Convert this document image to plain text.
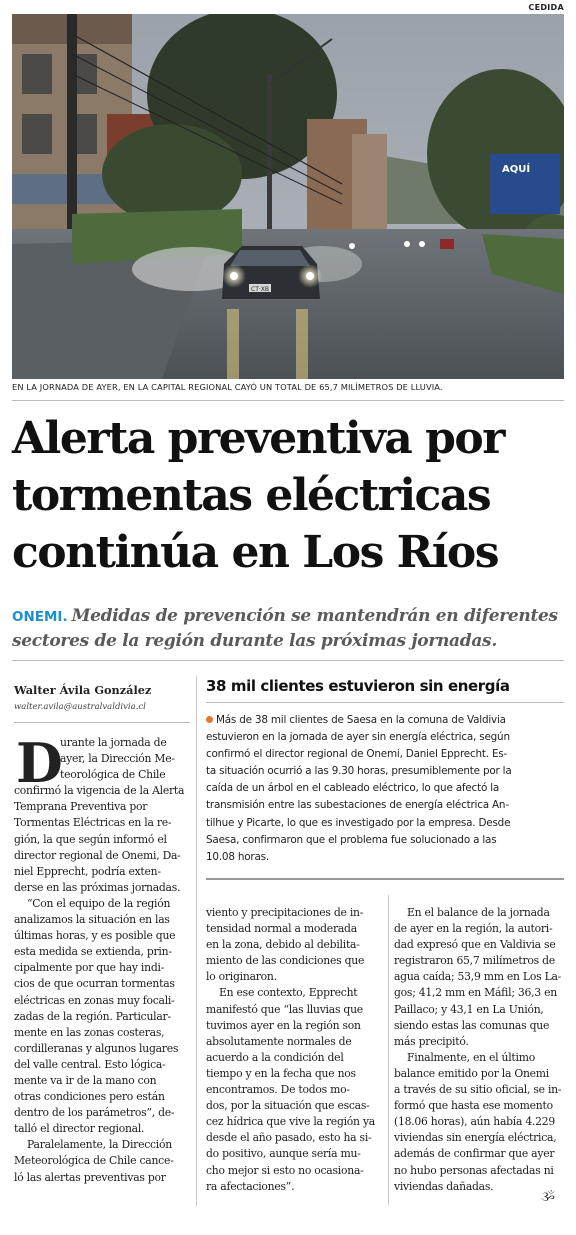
CEDIDA
AQUÍ
CT·XB
EN LA JORNADA DE AYER, EN LA CAPITAL REGIONAL CAYÓ UN TOTAL DE 65,7 MILÍMETROS DE LLUVIA.
Alerta preventiva por
tormentas eléctricas
continúa en Los Ríos
ONEMI. Medidas de prevención se mantendrán en diferentes
sectores de la región durante las próximas jornadas.
Walter Ávila González
walter.avila@australvaldivia.cl
D
urante la jornada de
ayer, la Dirección Me-
teorológica de Chile
confirmó la vigencia de la Alerta
Temprana Preventiva por
Tormentas Eléctricas en la re-
gión, la que según informó el
director regional de Onemi, Da-
niel Epprecht, podría exten-
derse en las próximas jornadas.
“Con el equipo de la región
analizamos la situación en las
últimas horas, y es posible que
esta medida se extienda, prin-
cipalmente por que hay indi-
cios de que ocurran tormentas
eléctricas en zonas muy focali-
zadas de la región. Particular-
mente en las zonas costeras,
cordilleranas y algunos lugares
del valle central. Esto lógica-
mente va ir de la mano con
otras condiciones pero están
dentro de los parámetros”, de-
talló el director regional.
Paralelamente, la Dirección
Meteorológica de Chile cance-
ló las alertas preventivas por
38 mil clientes estuvieron sin energía
Más de 38 mil clientes de Saesa en la comuna de Valdivia
estuvieron en la jornada de ayer sin energía eléctrica, según
confirmó el director regional de Onemi, Daniel Epprecht. Es-
ta situación ocurrió a las 9.30 horas, presumiblemente por la
caída de un árbol en el cableado eléctrico, lo que afectó la
transmisión entre las subestaciones de energía eléctrica An-
tilhue y Picarte, lo que es investigado por la empresa. Desde
Saesa, confirmaron que el problema fue solucionado a las
10.08 horas.
viento y precipitaciones de in-
tensidad normal a moderada
en la zona, debido al debilita-
miento de las condiciones que
lo originaron.
En ese contexto, Epprecht
manifestó que “las lluvias que
tuvimos ayer en la región son
absolutamente normales de
acuerdo a la condición del
tiempo y en la fecha que nos
encontramos. De todos mo-
dos, por la situación que escas-
cez hídrica que vive la región ya
desde el año pasado, esto ha si-
do positivo, aunque sería mu-
cho mejor si esto no ocasiona-
ra afectaciones”.
En el balance de la jornada
de ayer en la región, la autori-
dad expresó que en Valdivia se
registraron 65,7 milímetros de
agua caída; 53,9 mm en Los La-
gos; 41,2 mm en Máfil; 36,3 en
Paillaco; y 43,1 en La Unión,
siendo estas las comunas que
más precipitó.
Finalmente, en el último
balance emitido por la Onemi
a través de su sitio oficial, se in-
formó que hasta ese momento
(18.06 horas), aún había 4.229
viviendas sin energía eléctrica,
además de confirmar que ayer
no hubo personas afectadas ni
viviendas dañadas.
ૐ
